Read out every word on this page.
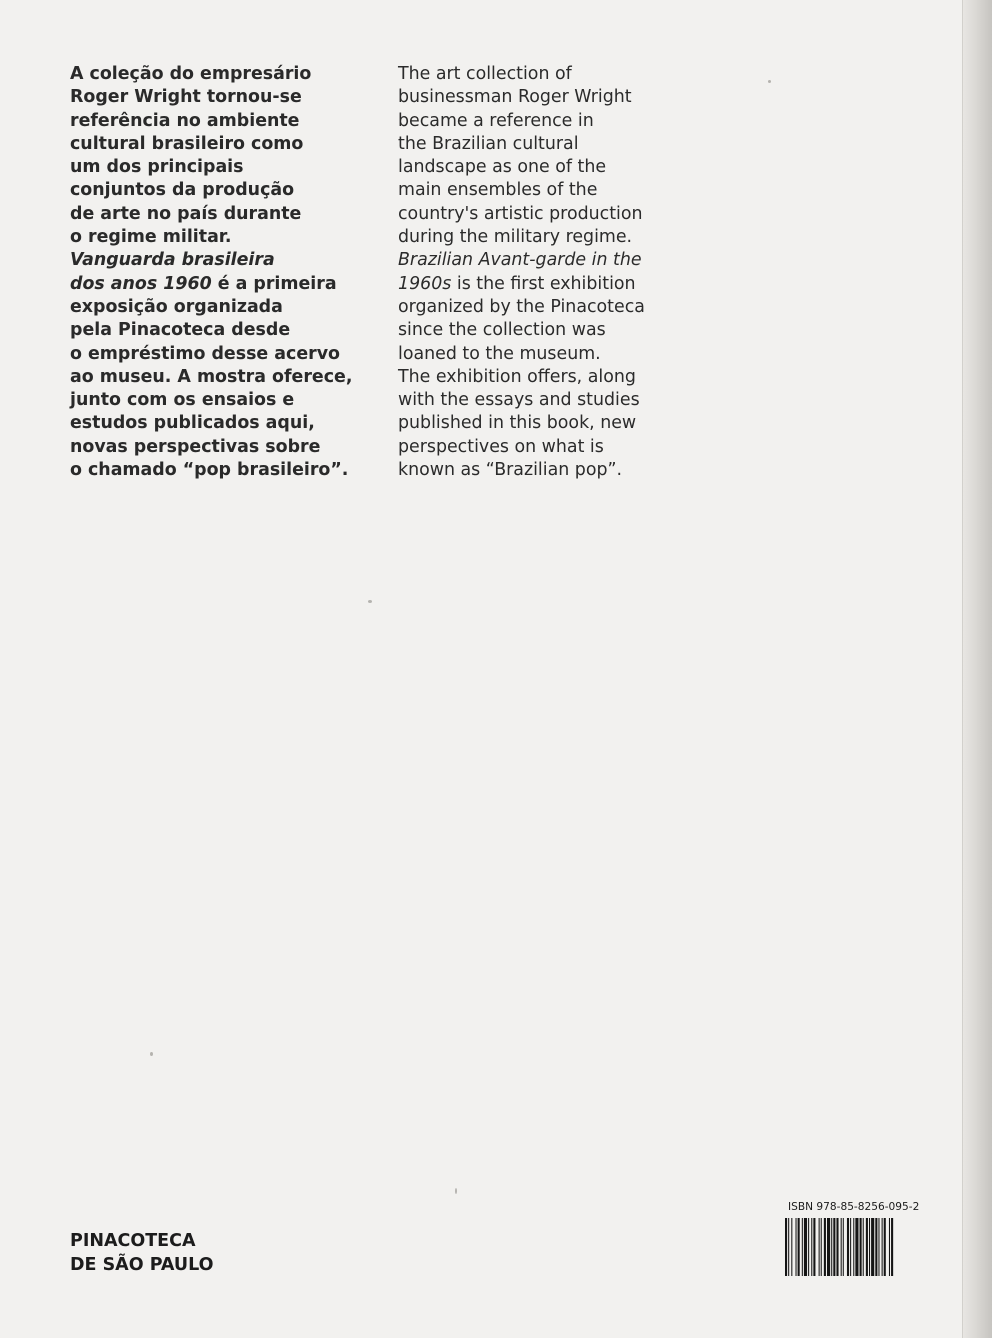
A coleção do empresário
Roger Wright tornou-se
referência no ambiente
cultural brasileiro como
um dos principais
conjuntos da produção
de arte no país durante
o regime militar.
Vanguarda brasileira
dos anos 1960 é a primeira
exposição organizada
pela Pinacoteca desde
o empréstimo desse acervo
ao museu. A mostra oferece,
junto com os ensaios e
estudos publicados aqui,
novas perspectivas sobre
o chamado “pop brasileiro”.
The art collection of
businessman Roger Wright
became a reference in
the Brazilian cultural
landscape as one of the
main ensembles of the
country's artistic production
during the military regime.
Brazilian Avant-garde in the
1960s is the first exhibition
organized by the Pinacoteca
since the collection was
loaned to the museum.
The exhibition offers, along
with the essays and studies
published in this book, new
perspectives on what is
known as “Brazilian pop”.
PINACOTECA
DE SÃO PAULO
ISBN 978-85-8256-095-2
